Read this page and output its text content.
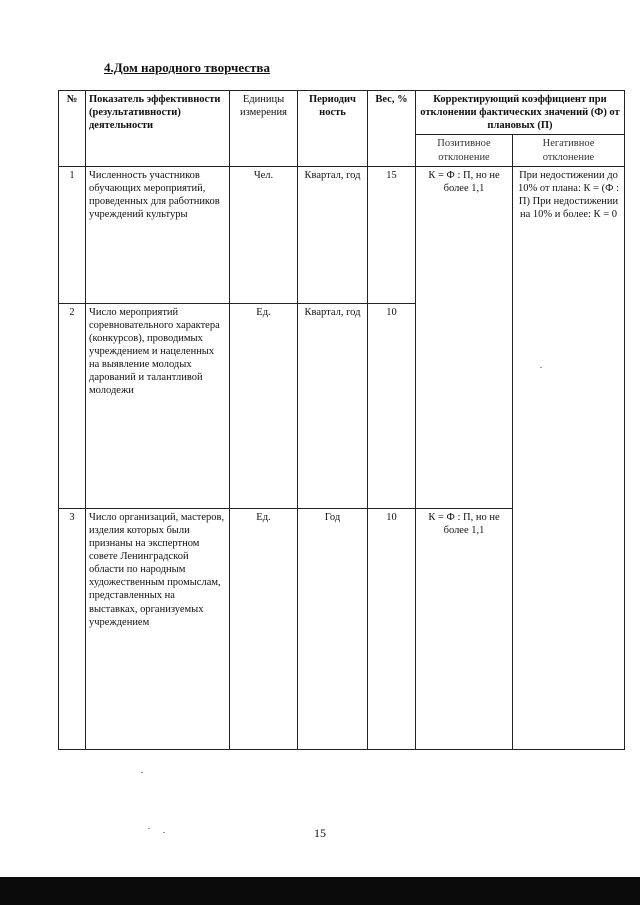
4.Дом народного творчества
№	Показатель эффективности (результативности) деятельности	Единицы измерения	Периодич ность	Вес, %	Корректирующий коэффициент при отклонении фактических значений (Ф) от плановых (П)	
					Позитивное отклонение	Негативное отклонение
1	Численность участников обучающих мероприятий, проведенных для работников учреждений культуры	Чел.	Квартал, год	15	К = Ф : П, но не более 1,1	При недостижении до 10% от плана: К = (Ф : П) При недостижении на 10% и более: К = 0
2	Число мероприятий соревновательного характера (конкурсов), проводимых учреждением и нацеленных на выявление молодых дарований и талантливой молодежи	Ед.	Квартал, год	10		
3	Число организаций, мастеров, изделия которых были признаны на экспертном совете Ленинградской области по народным художественным промыслам, представленных на выставках, организуемых учреждением	Ед.	Год	10	К = Ф : П, но не более 1,1	
15
